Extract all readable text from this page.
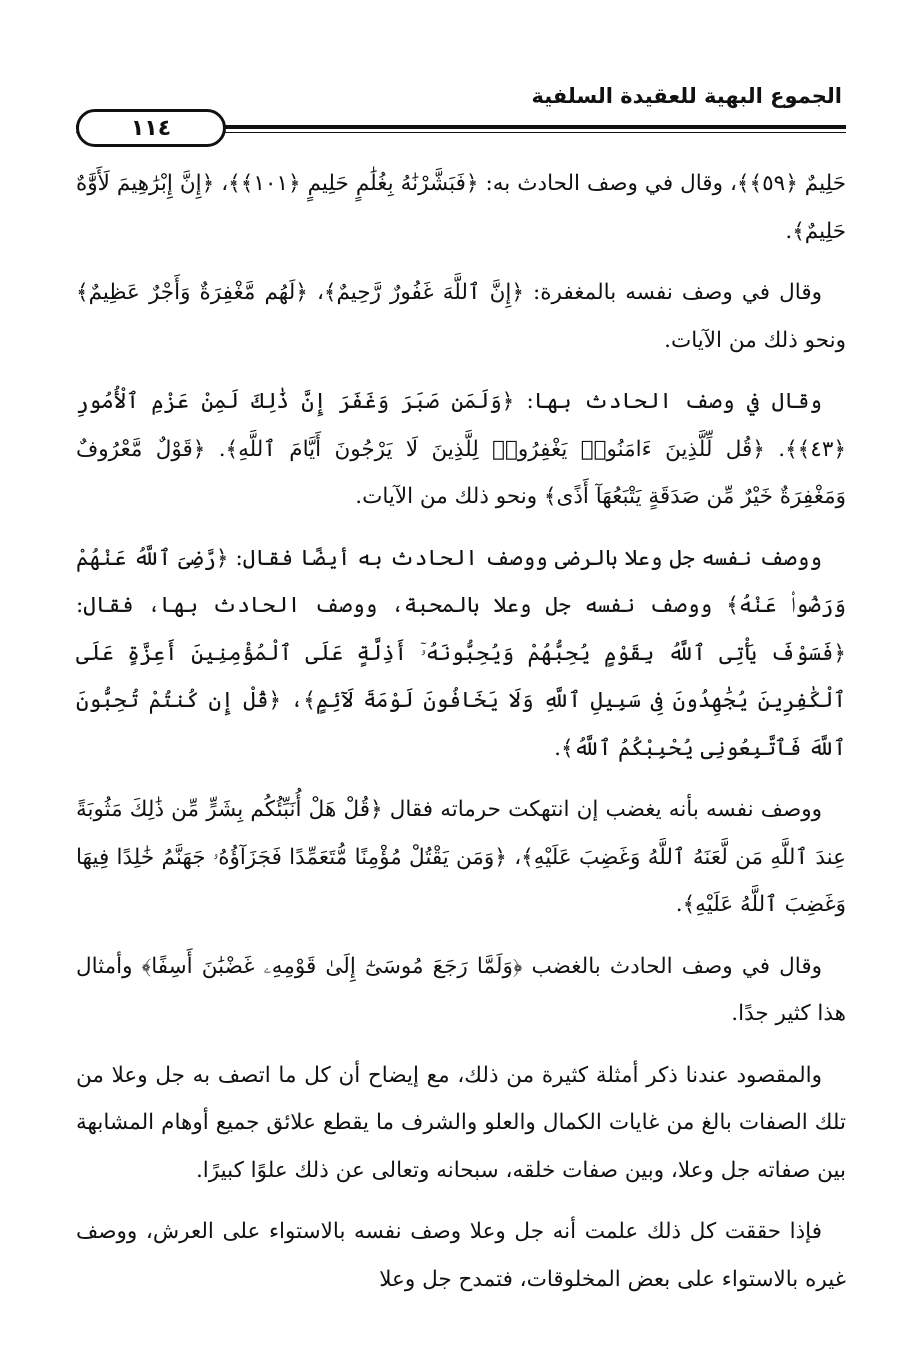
الجموع البهية للعقيدة السلفية
١١٤

حَلِيمٌ ﴿٥٩﴾﴾، وقال في وصف الحادث به: ﴿فَبَشَّرْنَٰهُ بِغُلَٰمٍ حَلِيمٍ ﴿١٠١﴾﴾، ﴿إِنَّ إِبْرَٰهِيمَ لَأَوَّٰهٌ حَلِيمٌ﴾.

وقال في وصف نفسه بالمغفرة: ﴿إِنَّ ٱللَّهَ غَفُورٌ رَّحِيمٌ﴾، ﴿لَهُم مَّغْفِرَةٌ وَأَجْرٌ عَظِيمٌ﴾ ونحو ذلك من الآيات.

وقال في وصف الحادث بها: ﴿وَلَمَن صَبَرَ وَغَفَرَ إِنَّ ذَٰلِكَ لَمِنْ عَزْمِ ٱلْأُمُورِ ﴿٤٣﴾﴾. ﴿قُل لِّلَّذِينَ ءَامَنُوا۟ يَغْفِرُوا۟ لِلَّذِينَ لَا يَرْجُونَ أَيَّامَ ٱللَّهِ﴾. ﴿قَوْلٌ مَّعْرُوفٌ وَمَغْفِرَةٌ خَيْرٌ مِّن صَدَقَةٍ يَتْبَعُهَآ أَذًى﴾ ونحو ذلك من الآيات.

ووصف نفسه جل وعلا بالرضى ووصف الحادث به أيضًا فقال: ﴿رَّضِىَ ٱللَّهُ عَنْهُمْ وَرَضُوا۟ عَنْهُ﴾ ووصف نفسه جل وعلا بالمحبة، ووصف الحادث بها، فقال: ﴿فَسَوْفَ يَأْتِى ٱللَّهُ بِقَوْمٍ يُحِبُّهُمْ وَيُحِبُّونَهُۥٓ أَذِلَّةٍ عَلَى ٱلْمُؤْمِنِينَ أَعِزَّةٍ عَلَى ٱلْكَٰفِرِينَ يُجَٰهِدُونَ فِى سَبِيلِ ٱللَّهِ وَلَا يَخَافُونَ لَوْمَةَ لَآئِمٍ﴾، ﴿قُلْ إِن كُنتُمْ تُحِبُّونَ ٱللَّهَ فَٱتَّبِعُونِى يُحْبِبْكُمُ ٱللَّهُ﴾.

ووصف نفسه بأنه يغضب إن انتهكت حرماته فقال ﴿قُلْ هَلْ أُنَبِّئُكُم بِشَرٍّ مِّن ذَٰلِكَ مَثُوبَةً عِندَ ٱللَّهِ مَن لَّعَنَهُ ٱللَّهُ وَغَضِبَ عَلَيْهِ﴾، ﴿وَمَن يَقْتُلْ مُؤْمِنًا مُّتَعَمِّدًا فَجَزَآؤُهُۥ جَهَنَّمُ خَٰلِدًا فِيهَا وَغَضِبَ ٱللَّهُ عَلَيْهِ﴾.

وقال في وصف الحادث بالغضب ﴿وَلَمَّا رَجَعَ مُوسَىٰٓ إِلَىٰ قَوْمِهِۦ غَضْبَٰنَ أَسِفًا﴾ وأمثال هذا كثير جدًا.

والمقصود عندنا ذكر أمثلة كثيرة من ذلك، مع إيضاح أن كل ما اتصف به جل وعلا من تلك الصفات بالغ من غايات الكمال والعلو والشرف ما يقطع علائق جميع أوهام المشابهة بين صفاته جل وعلا، وبين صفات خلقه، سبحانه وتعالى عن ذلك علوًا كبيرًا.

فإذا حققت كل ذلك علمت أنه جل وعلا وصف نفسه بالاستواء على العرش، ووصف غيره بالاستواء على بعض المخلوقات، فتمدح جل وعلا
